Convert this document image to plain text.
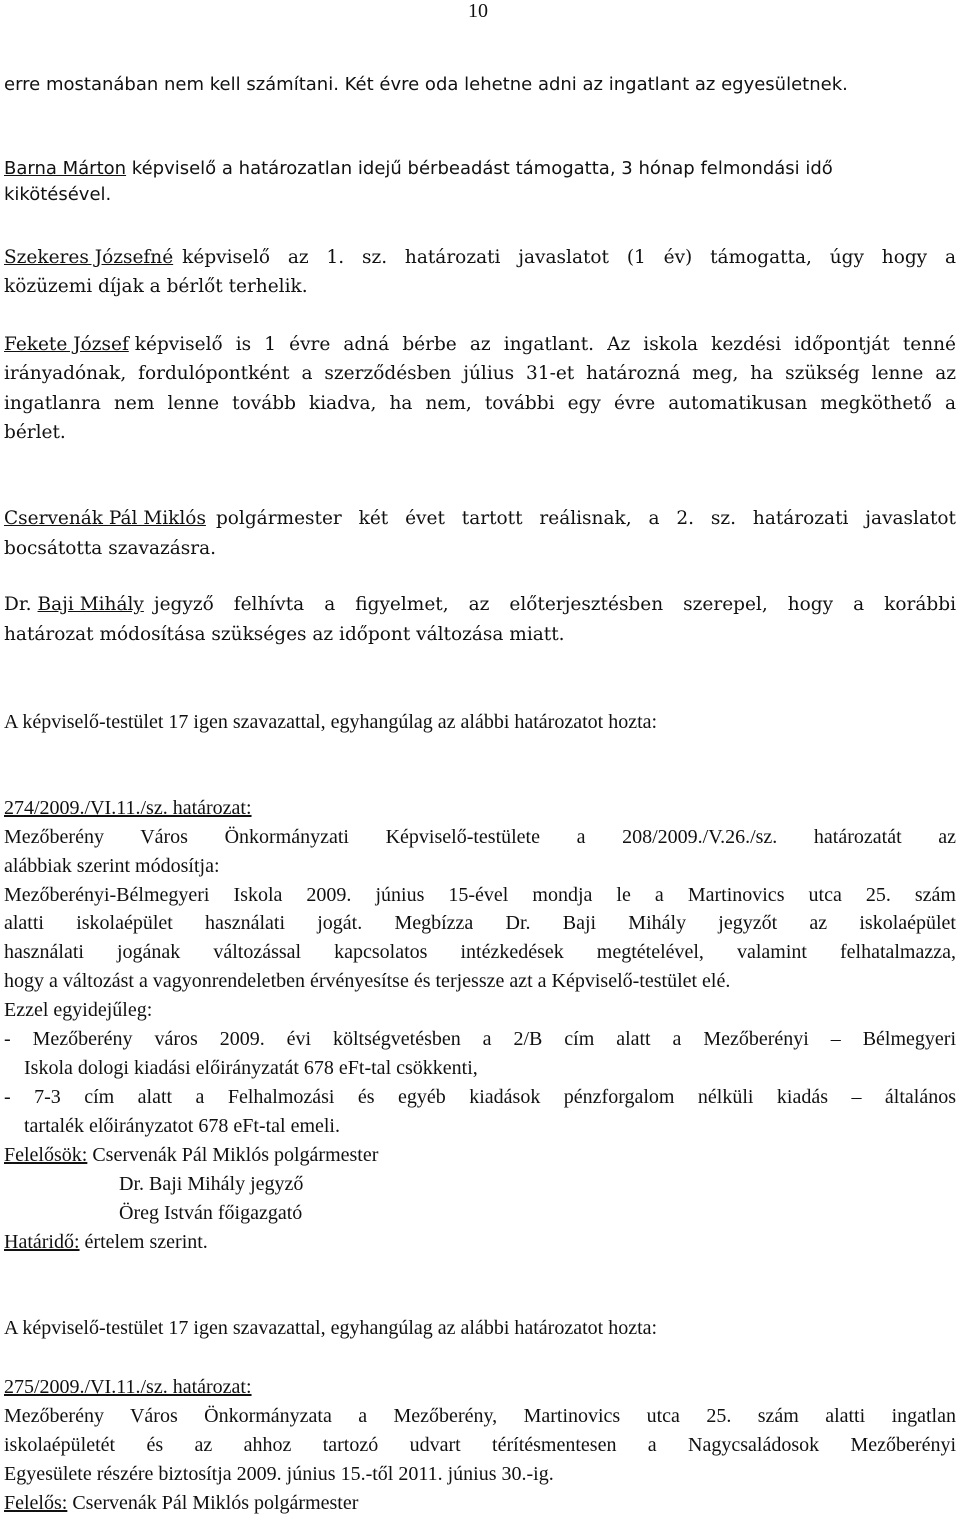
10
erre mostanában nem kell számítani. Két évre oda lehetne adni az ingatlant az egyesületnek.
Barna Márton képviselő a határozatlan idejű bérbeadást támogatta, 3 hónap felmondási idő
kikötésével.
Szekeres Józsefné képviselő az 1. sz. határozati javaslatot (1 év) támogatta, úgy hogy a
közüzemi díjak a bérlőt terhelik.
Fekete József képviselő is 1 évre adná bérbe az ingatlant. Az iskola kezdési időpontját tenné
irányadónak, fordulópontként a szerződésben július 31-et határozná meg, ha szükség lenne az
ingatlanra nem lenne tovább kiadva, ha nem, további egy évre automatikusan megköthető a
bérlet.
Cservenák Pál Miklós polgármester két évet tartott reálisnak, a 2. sz. határozati javaslatot
bocsátotta szavazásra.
Dr. Baji Mihály jegyző felhívta a figyelmet, az előterjesztésben szerepel, hogy a korábbi
határozat módosítása szükséges az időpont változása miatt.
A képviselő-testület 17 igen szavazattal, egyhangúlag az alábbi határozatot hozta:
274/2009./VI.11./sz. határozat:
Mezőberény Város Önkormányzati Képviselő-testülete a 208/2009./V.26./sz. határozatát az
alábbiak szerint módosítja:
Mezőberényi-Bélmegyeri Iskola 2009. június 15-ével mondja le a Martinovics utca 25. szám
alatti iskolaépület használati jogát. Megbízza Dr. Baji Mihály jegyzőt az iskolaépület
használati jogának változással kapcsolatos intézkedések megtételével, valamint felhatalmazza,
hogy a változást a vagyonrendeletben érvényesítse és terjessze azt a Képviselő-testület elé.
Ezzel egyidejűleg:
- Mezőberény város 2009. évi költségvetésben a 2/B cím alatt a Mezőberényi – Bélmegyeri
Iskola dologi kiadási előirányzatát 678 eFt-tal csökkenti,
- 7-3 cím alatt a Felhalmozási és egyéb kiadások pénzforgalom nélküli kiadás – általános
tartalék előirányzatot 678 eFt-tal emeli.
Felelősök: Cservenák Pál Miklós polgármester
Dr. Baji Mihály jegyző
Öreg István főigazgató
Határidő: értelem szerint.
A képviselő-testület 17 igen szavazattal, egyhangúlag az alábbi határozatot hozta:
275/2009./VI.11./sz. határozat:
Mezőberény Város Önkormányzata a Mezőberény, Martinovics utca 25. szám alatti ingatlan
iskolaépületét és az ahhoz tartozó udvart térítésmentesen a Nagycsaládosok Mezőberényi
Egyesülete részére biztosítja 2009. június 15.-től 2011. június 30.-ig.
Felelős: Cservenák Pál Miklós polgármester
